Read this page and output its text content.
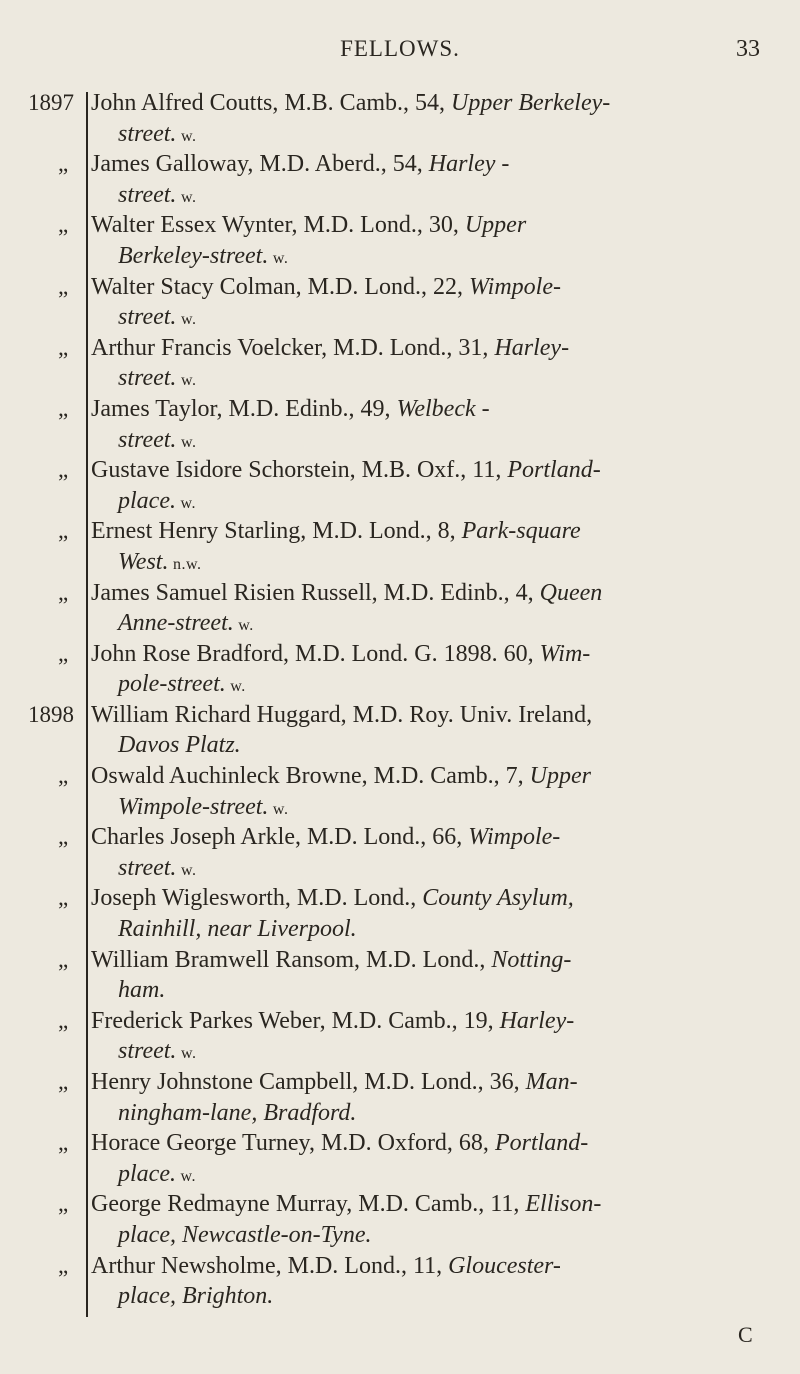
FELLOWS.	33
1897 John Alfred Coutts, M.B. Camb., 54, Upper Berkeley-
street. w.
„ James Galloway, M.D. Aberd., 54, Harley -
street. w.
„ Walter Essex Wynter, M.D. Lond., 30, Upper
Berkeley-street. w.
„ Walter Stacy Colman, M.D. Lond., 22, Wimpole-
street. w.
„ Arthur Francis Voelcker, M.D. Lond., 31, Harley-
street. w.
„ James Taylor, M.D. Edinb., 49, Welbeck -
street. w.
„ Gustave Isidore Schorstein, M.B. Oxf., 11, Portland-
place. w.
„ Ernest Henry Starling, M.D. Lond., 8, Park-square
West. n.w.
„ James Samuel Risien Russell, M.D. Edinb., 4, Queen
Anne-street. w.
„ John Rose Bradford, M.D. Lond. G. 1898. 60, Wim-
pole-street. w.
1898 William Richard Huggard, M.D. Roy. Univ. Ireland,
Davos Platz.
„ Oswald Auchinleck Browne, M.D. Camb., 7, Upper
Wimpole-street. w.
„ Charles Joseph Arkle, M.D. Lond., 66, Wimpole-
street. w.
„ Joseph Wiglesworth, M.D. Lond., County Asylum,
Rainhill, near Liverpool.
„ William Bramwell Ransom, M.D. Lond., Notting-
ham.
„ Frederick Parkes Weber, M.D. Camb., 19, Harley-
street. w.
„ Henry Johnstone Campbell, M.D. Lond., 36, Man-
ningham-lane, Bradford.
„ Horace George Turney, M.D. Oxford, 68, Portland-
place. w.
„ George Redmayne Murray, M.D. Camb., 11, Ellison-
place, Newcastle-on-Tyne.
„ Arthur Newsholme, M.D. Lond., 11, Gloucester-
place, Brighton.
C
